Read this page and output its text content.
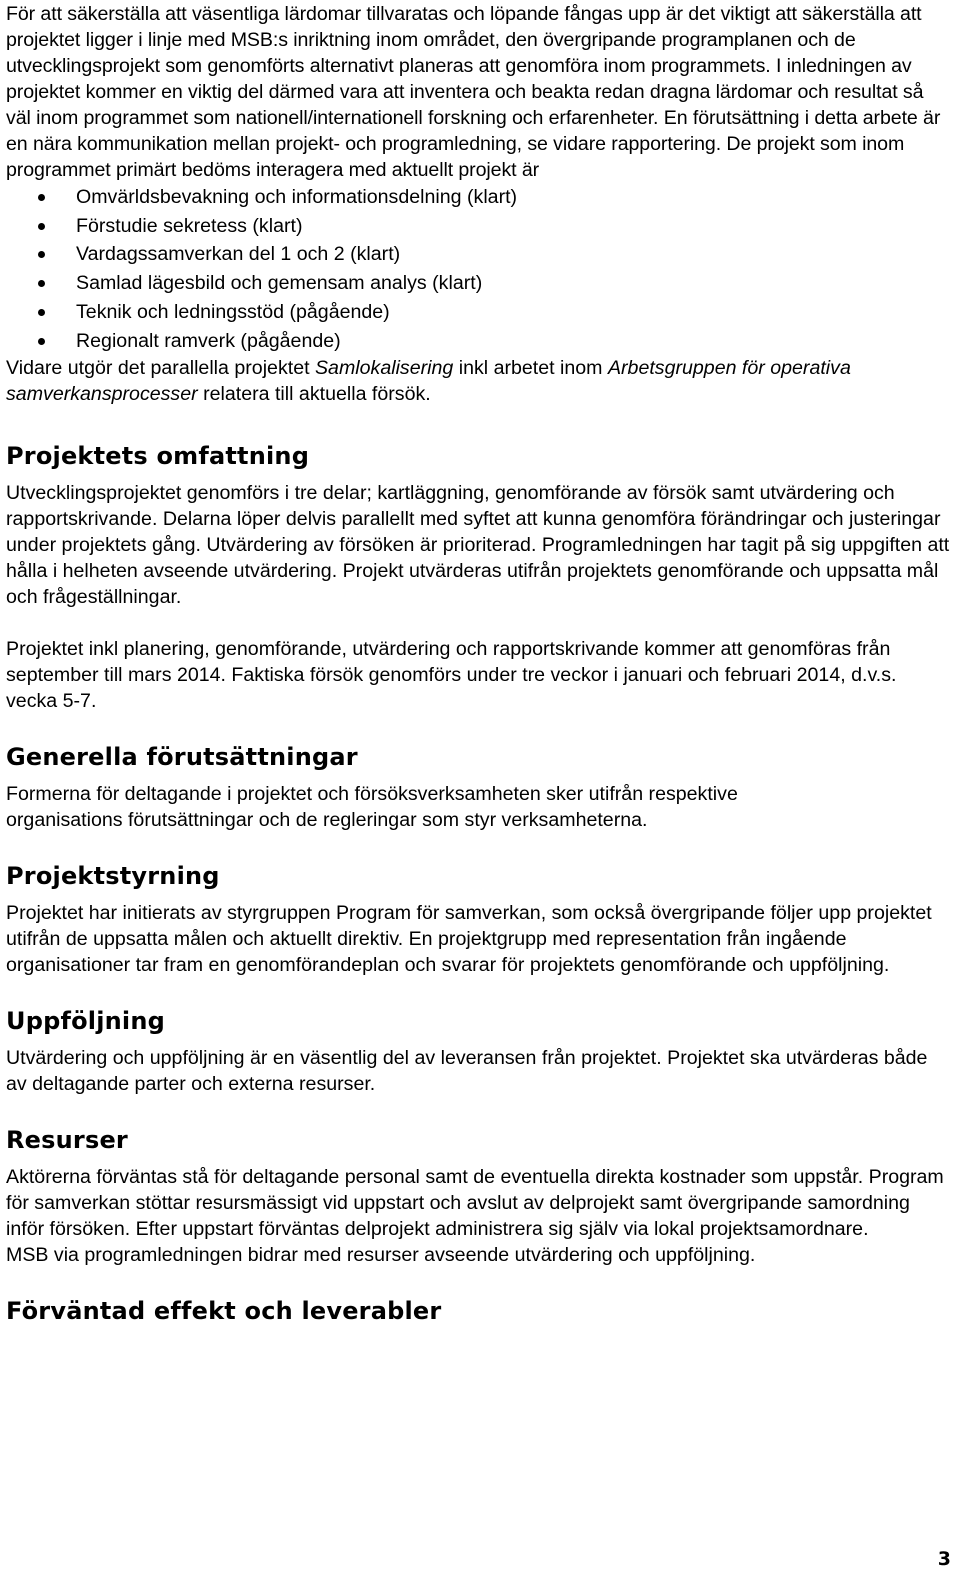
För att säkerställa att väsentliga lärdomar tillvaratas och löpande fångas upp är det viktigt att säkerställa att projektet ligger i linje med MSB:s inriktning inom området, den övergripande programplanen och de utvecklingsprojekt som genomförts alternativt planeras att genomföra inom programmets. I inledningen av projektet kommer en viktig del därmed vara att inventera och beakta redan dragna lärdomar och resultat så väl inom programmet som nationell/internationell forskning och erfarenheter. En förutsättning i detta arbete är en nära kommunikation mellan projekt- och programledning, se vidare rapportering. De projekt som inom programmet primärt bedöms interagera med aktuellt projekt är

Omvärldsbevakning och informationsdelning (klart)
Förstudie sekretess (klart)
Vardagssamverkan del 1 och 2 (klart)
Samlad lägesbild och gemensam analys (klart)
Teknik och ledningsstöd (pågående)
Regionalt ramverk (pågående)

Vidare utgör det parallella projektet Samlokalisering inkl arbetet inom Arbetsgruppen för operativa samverkansprocesser relatera till aktuella försök.

Projektets omfattning

Utvecklingsprojektet genomförs i tre delar; kartläggning, genomförande av försök samt utvärdering och rapportskrivande. Delarna löper delvis parallellt med syftet att kunna genomföra förändringar och justeringar under projektets gång. Utvärdering av försöken är prioriterad. Programledningen har tagit på sig uppgiften att hålla i helheten avseende utvärdering. Projekt utvärderas utifrån projektets genomförande och uppsatta mål och frågeställningar.

Projektet inkl planering, genomförande, utvärdering och rapportskrivande kommer att genomföras från september till mars 2014. Faktiska försök genomförs under tre veckor i januari och februari 2014, d.v.s. vecka 5-7.

Generella förutsättningar

Formerna för deltagande i projektet och försöksverksamheten sker utifrån respektive organisations förutsättningar och de regleringar som styr verksamheterna.

Projektstyrning

Projektet har initierats av styrgruppen Program för samverkan, som också övergripande följer upp projektet utifrån de uppsatta målen och aktuellt direktiv. En projektgrupp med representation från ingående organisationer tar fram en genomförandeplan och svarar för projektets genomförande och uppföljning.

Uppföljning

Utvärdering och uppföljning är en väsentlig del av leveransen från projektet. Projektet ska utvärderas både av deltagande parter och externa resurser.

Resurser

Aktörerna förväntas stå för deltagande personal samt de eventuella direkta kostnader som uppstår. Program för samverkan stöttar resursmässigt vid uppstart och avslut av delprojekt samt övergripande samordning inför försöken. Efter uppstart förväntas delprojekt administrera sig själv via lokal projektsamordnare.

MSB via programledningen bidrar med resurser avseende utvärdering och uppföljning.

Förväntad effekt och leverabler
3
